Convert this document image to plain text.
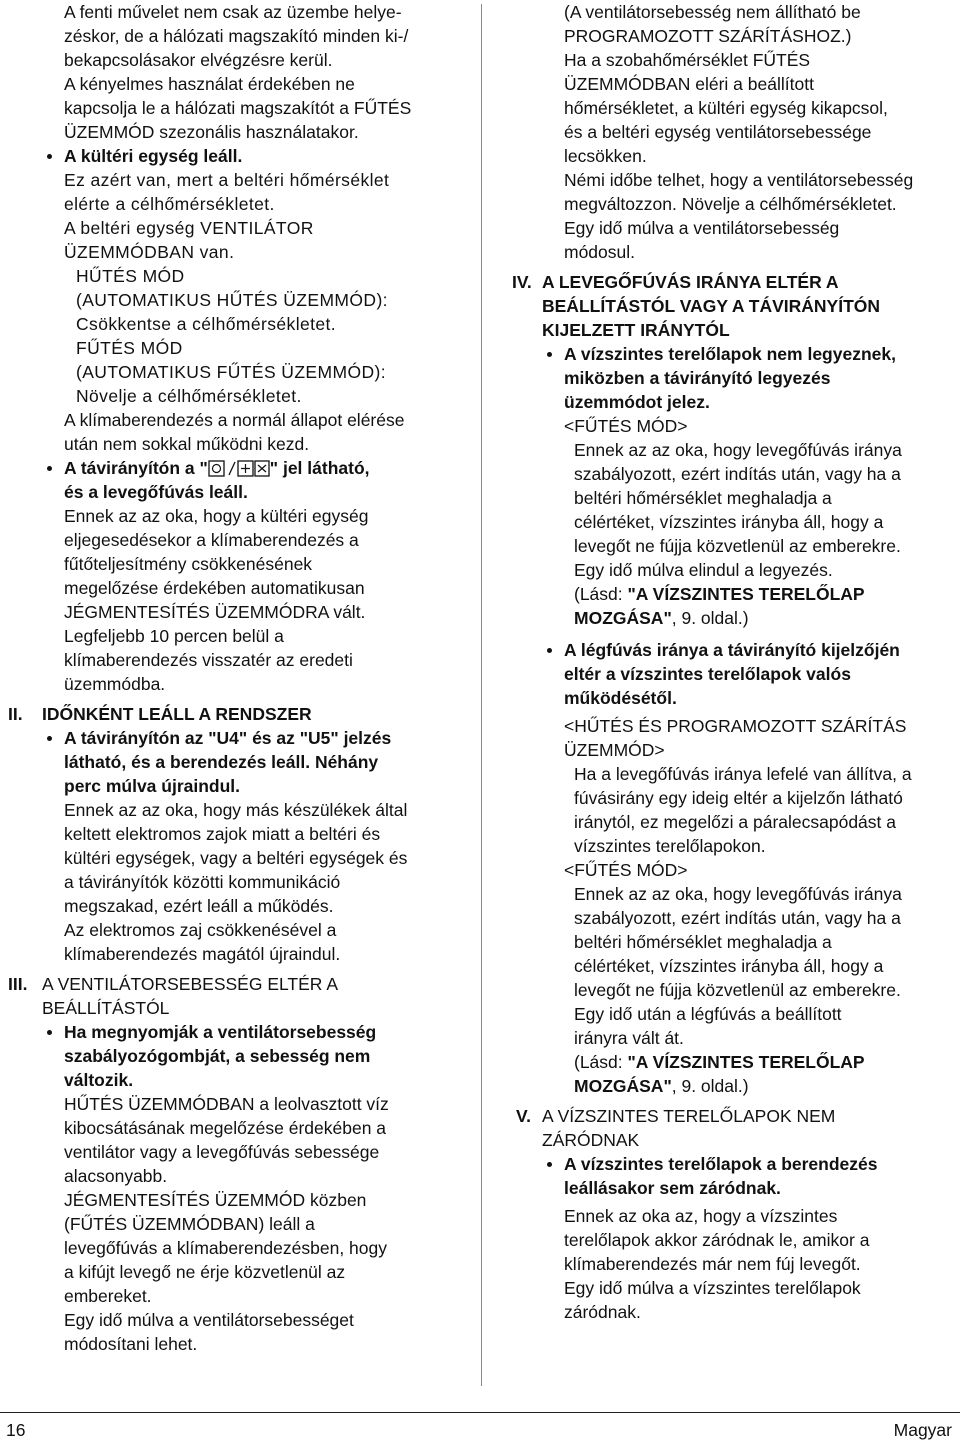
A fenti művelet nem csak az üzembe helye-
zéskor, de a hálózati magszakító minden ki-/
bekapcsolásakor elvégzésre kerül.
A kényelmes használat érdekében ne
kapcsolja le a hálózati magszakítót a FŰTÉS
ÜZEMMÓD szezonális használatakor.
A kültéri egység leáll.
Ez azért van, mert a beltéri hőmérséklet
elérte a célhőmérsékletet.
A beltéri egység VENTILÁTOR
ÜZEMMÓDBAN van.
HŰTÉS MÓD
(AUTOMATIKUS HŰTÉS ÜZEMMÓD):
Csökkentse a célhőmérsékletet.
FŰTÉS MÓD
(AUTOMATIKUS FŰTÉS ÜZEMMÓD):
Növelje a célhőmérsékletet.
A klímaberendezés a normál állapot elérése
után nem sokkal működni kezd.
A távirányítón a "	" jel látható,
és a levegőfúvás leáll.
Ennek az az oka, hogy a kültéri egység
eljegesedésekor a klímaberendezés a
fűtőteljesítmény csökkenésének
megelőzése érdekében automatikusan
JÉGMENTESÍTÉS ÜZEMMÓDRA vált.
Legfeljebb 10 percen belül a
klímaberendezés visszatér az eredeti
üzemmódba.
II. IDŐNKÉNT LEÁLL A RENDSZER
A távirányítón az "U4" és az "U5" jelzés
látható, és a berendezés leáll. Néhány
perc múlva újraindul.
Ennek az az oka, hogy más készülékek által
keltett elektromos zajok miatt a beltéri és
kültéri egységek, vagy a beltéri egységek és
a távirányítók közötti kommunikáció
megszakad, ezért leáll a működés.
Az elektromos zaj csökkenésével a
klímaberendezés magától újraindul.
III. A VENTILÁTORSEBESSÉG ELTÉR A
BEÁLLÍTÁSTÓL
Ha megnyomják a ventilátorsebesség
szabályozógombját, a sebesség nem
változik.
HŰTÉS ÜZEMMÓDBAN a leolvasztott víz
kibocsátásának megelőzése érdekében a
ventilátor vagy a levegőfúvás sebessége
alacsonyabb.
JÉGMENTESÍTÉS ÜZEMMÓD közben
(FŰTÉS ÜZEMMÓDBAN) leáll a
levegőfúvás a klímaberendezésben, hogy
a kifújt levegő ne érje közvetlenül az
embereket.
Egy idő múlva a ventilátorsebességet
módosítani lehet.
(A ventilátorsebesség nem állítható be
PROGRAMOZOTT SZÁRÍTÁSHOZ.)
Ha a szobahőmérséklet FŰTÉS
ÜZEMMÓDBAN eléri a beállított
hőmérsékletet, a kültéri egység kikapcsol,
és a beltéri egység ventilátorsebessége
lecsökken.
Némi időbe telhet, hogy a ventilátorsebesség
megváltozzon. Növelje a célhőmérsékletet.
Egy idő múlva a ventilátorsebesség
módosul.
IV. A LEVEGŐFÚVÁS IRÁNYA ELTÉR A
BEÁLLÍTÁSTÓL VAGY A TÁVIRÁNYÍTÓN
KIJELZETT IRÁNYTÓL
A vízszintes terelőlapok nem legyeznek,
miközben a távirányító legyezés
üzemmódot jelez.
<FŰTÉS MÓD>
Ennek az az oka, hogy levegőfúvás iránya
szabályozott, ezért indítás után, vagy ha a
beltéri hőmérséklet meghaladja a
célértéket, vízszintes irányba áll, hogy a
levegőt ne fújja közvetlenül az emberekre.
Egy idő múlva elindul a legyezés.
(Lásd: "A VÍZSZINTES TERELŐLAP
MOZGÁSA", 9. oldal.)
A légfúvás iránya a távirányító kijelzőjén
eltér a vízszintes terelőlapok valós
működésétől.
<HŰTÉS ÉS PROGRAMOZOTT SZÁRÍTÁS
ÜZEMMÓD>
Ha a levegőfúvás iránya lefelé van állítva, a
fúvásirány egy ideig eltér a kijelzőn látható
iránytól, ez megelőzi a páralecsapódást a
vízszintes terelőlapokon.
<FŰTÉS MÓD>
Ennek az az oka, hogy levegőfúvás iránya
szabályozott, ezért indítás után, vagy ha a
beltéri hőmérséklet meghaladja a
célértéket, vízszintes irányba áll, hogy a
levegőt ne fújja közvetlenül az emberekre.
Egy idő után a légfúvás a beállított
irányra vált át.
(Lásd: "A VÍZSZINTES TERELŐLAP
MOZGÁSA", 9. oldal.)
V. A VÍZSZINTES TERELŐLAPOK NEM
ZÁRÓDNAK
A vízszintes terelőlapok a berendezés
leállásakor sem záródnak.
Ennek az oka az, hogy a vízszintes
terelőlapok akkor záródnak le, amikor a
klímaberendezés már nem fúj levegőt.
Egy idő múlva a vízszintes terelőlapok
záródnak.
16	Magyar
